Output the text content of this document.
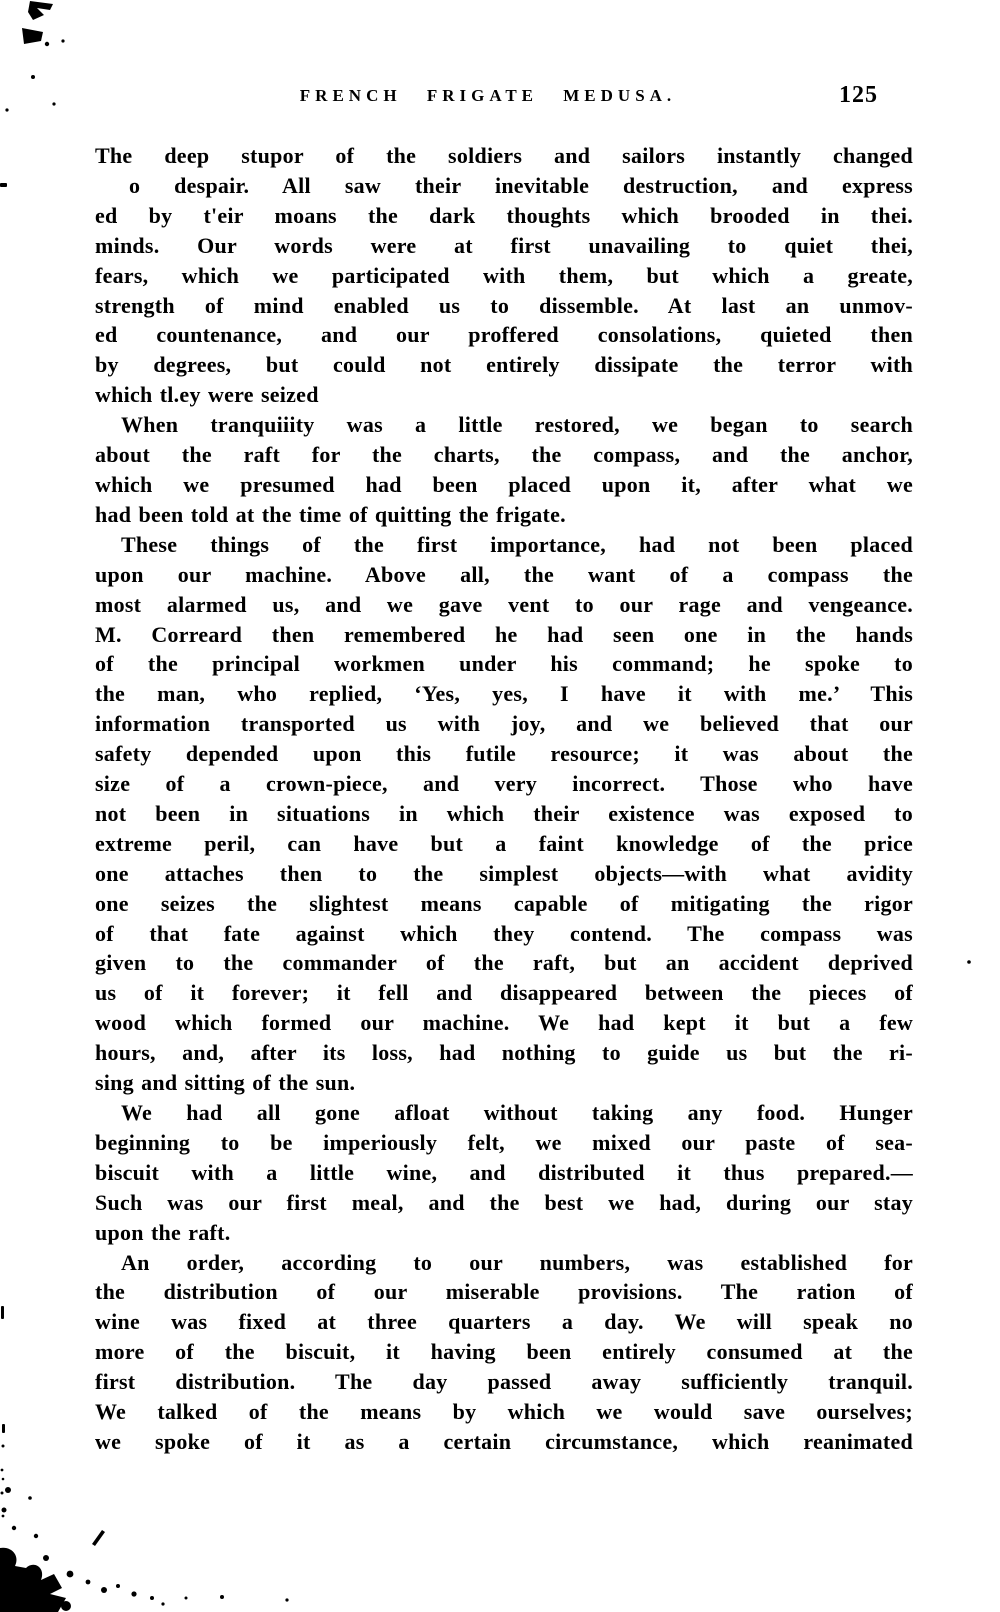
FRENCH FRIGATE MEDUSA.	125
The deep stupor of the soldiers and sailors instantly changed
o despair. All saw their inevitable destruction, and express
ed by t'eir moans the dark thoughts which brooded in thei.
minds. Our words were at first unavailing to quiet thei,
fears, which we participated with them, but which a greate,
strength of mind enabled us to dissemble. At last an unmov-
ed countenance, and our proffered consolations, quieted then
by degrees, but could not entirely dissipate the terror with
which tl.ey were seized
When tranquiiity was a little restored, we began to search
about the raft for the charts, the compass, and the anchor,
which we presumed had been placed upon it, after what we
had been told at the time of quitting the frigate.
These things of the first importance, had not been placed
upon our machine. Above all, the want of a compass the
most alarmed us, and we gave vent to our rage and vengeance.
M. Correard then remembered he had seen one in the hands
of the principal workmen under his command; he spoke to
the man, who replied, ‘Yes, yes, I have it with me.’ This
information transported us with joy, and we believed that our
safety depended upon this futile resource; it was about the
size of a crown-piece, and very incorrect. Those who have
not been in situations in which their existence was exposed to
extreme peril, can have but a faint knowledge of the price
one attaches then to the simplest objects—with what avidity
one seizes the slightest means capable of mitigating the rigor
of that fate against which they contend. The compass was
given to the commander of the raft, but an accident deprived
us of it forever; it fell and disappeared between the pieces of
wood which formed our machine. We had kept it but a few
hours, and, after its loss, had nothing to guide us but the ri-
sing and sitting of the sun.
We had all gone afloat without taking any food. Hunger
beginning to be imperiously felt, we mixed our paste of sea-
biscuit with a little wine, and distributed it thus prepared.—
Such was our first meal, and the best we had, during our stay
upon the raft.
An order, according to our numbers, was established for
the distribution of our miserable provisions. The ration of
wine was fixed at three quarters a day. We will speak no
more of the biscuit, it having been entirely consumed at the
first distribution. The day passed away sufficiently tranquil.
We talked of the means by which we would save ourselves;
we spoke of it as a certain circumstance, which reanimated
